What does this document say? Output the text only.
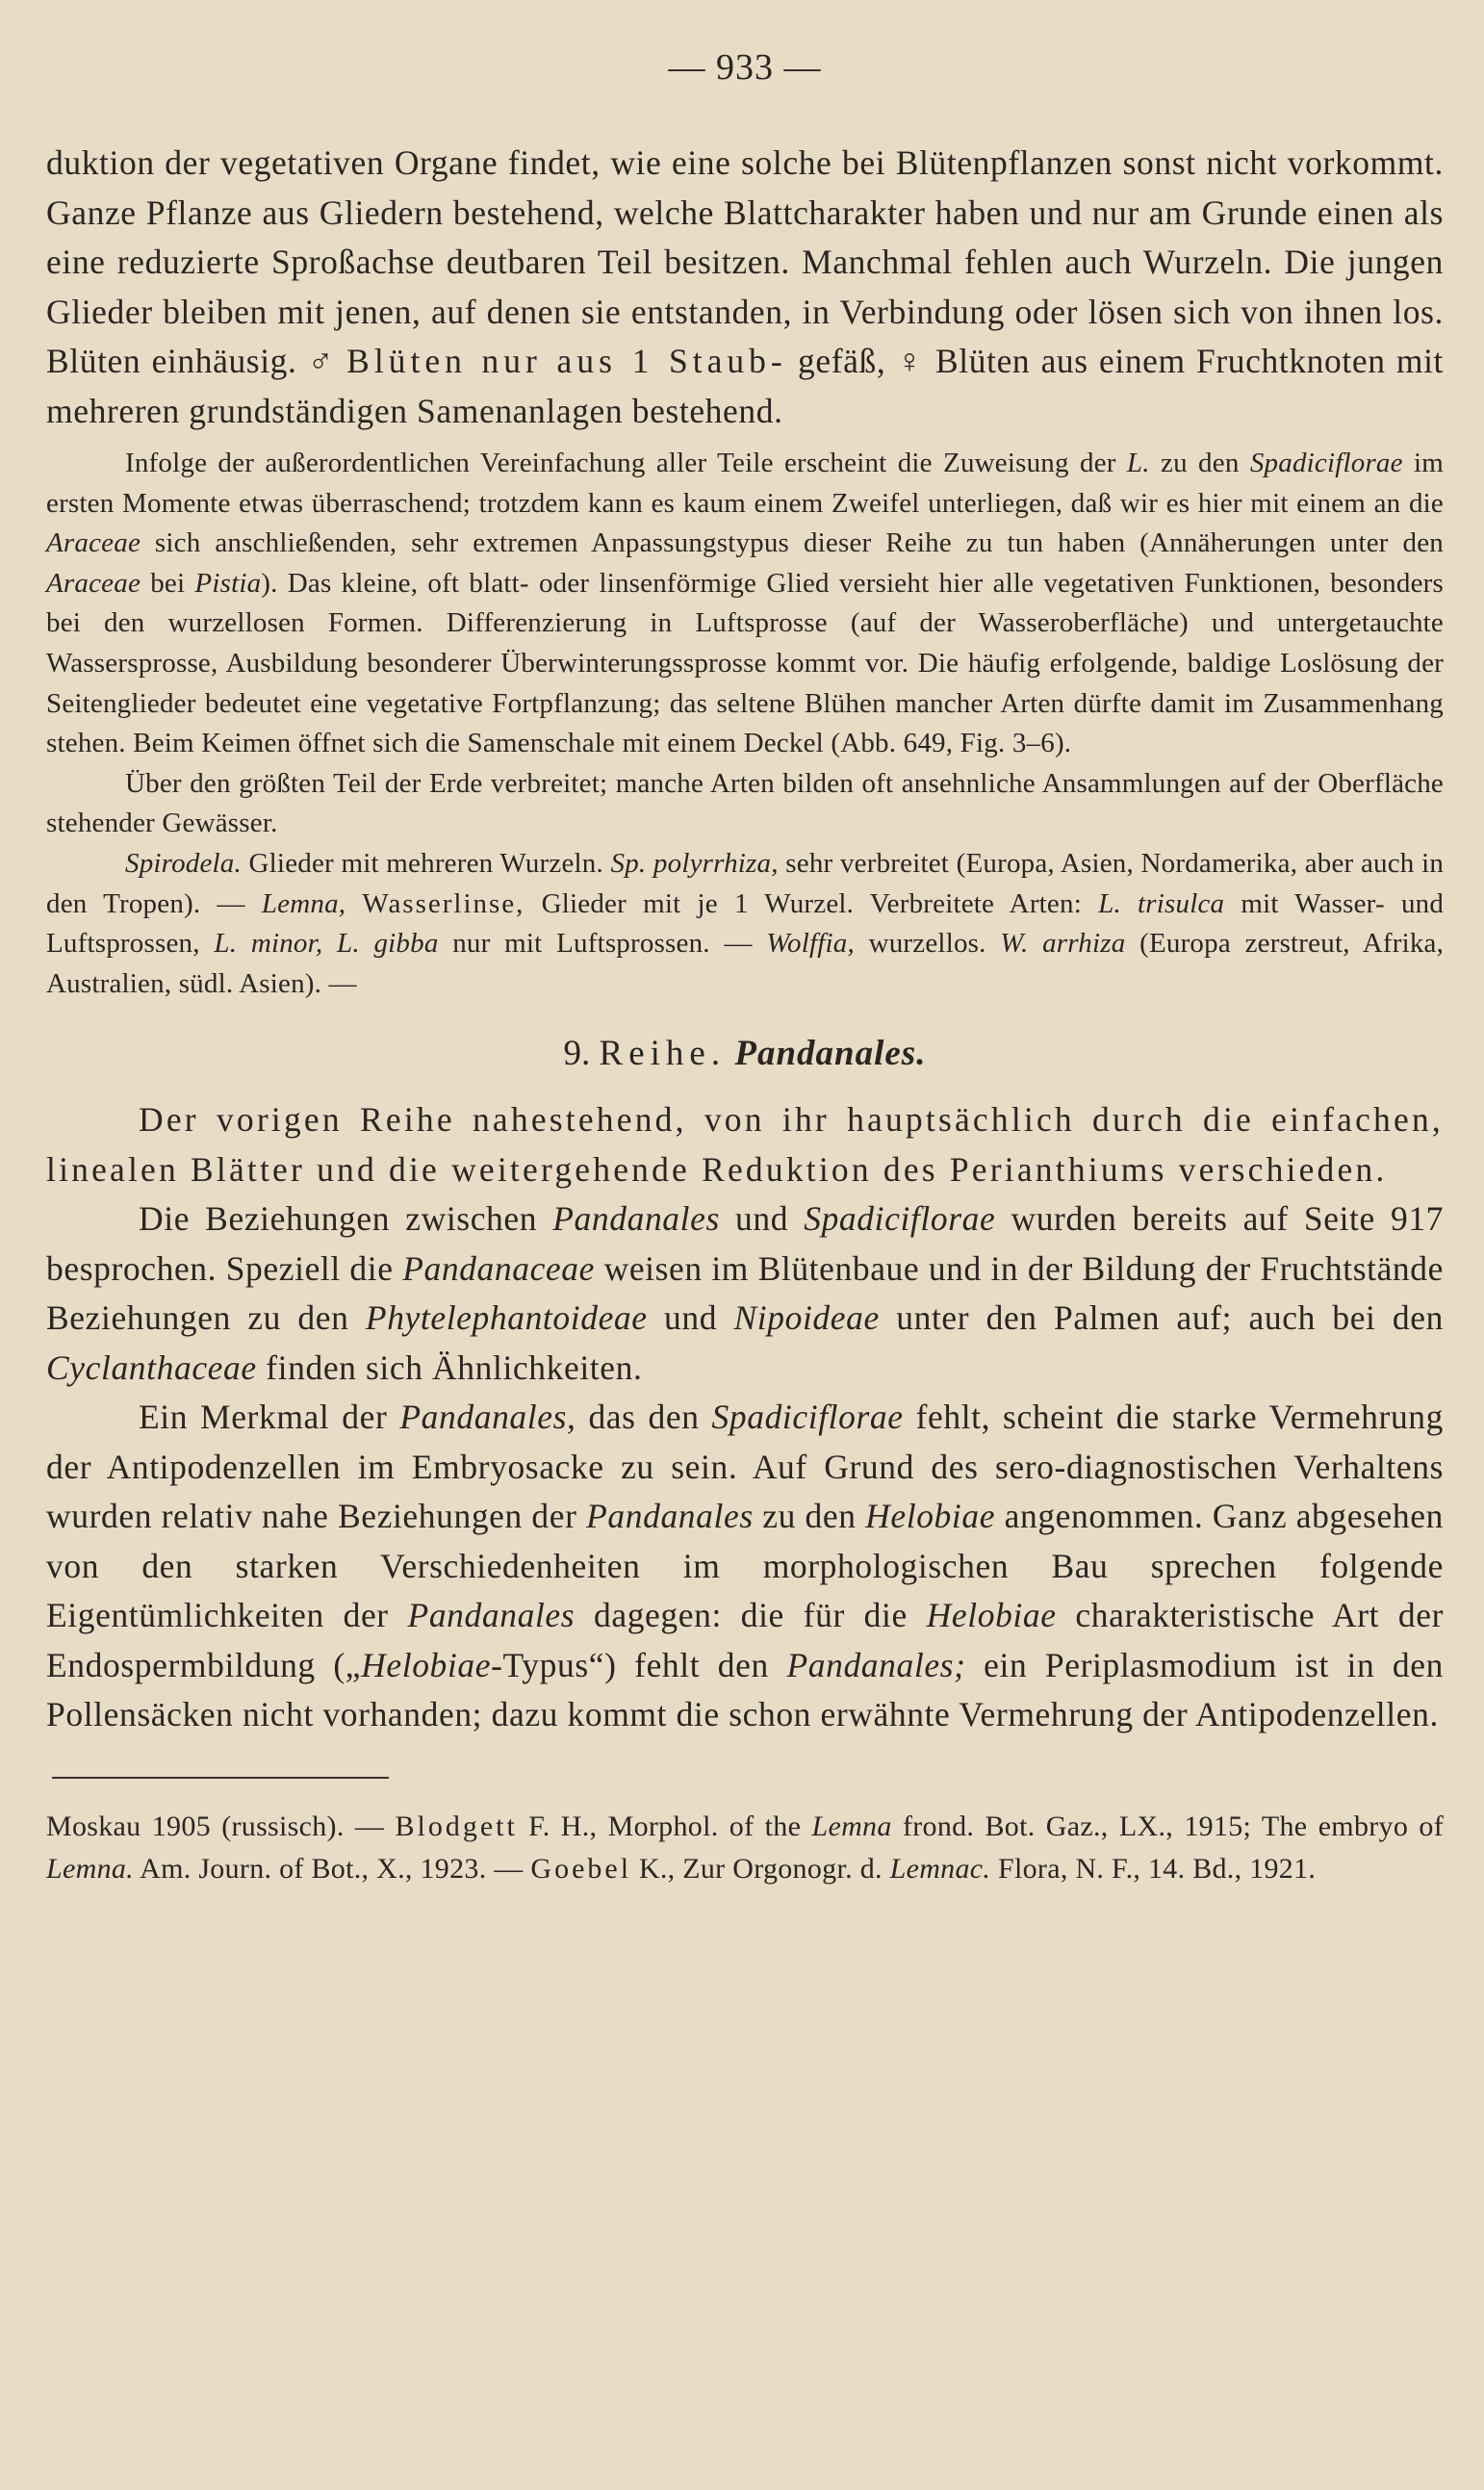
— 933 —

duktion der vegetativen Organe findet, wie eine solche bei Blütenpflanzen sonst nicht vorkommt. Ganze Pflanze aus Gliedern bestehend, welche Blattcharakter haben und nur am Grunde einen als eine reduzierte Sproßachse deutbaren Teil besitzen. Manchmal fehlen auch Wurzeln. Die jungen Glieder bleiben mit jenen, auf denen sie entstanden, in Verbindung oder lösen sich von ihnen los. Blüten einhäusig. ♂ Blüten nur aus 1 Staub- gefäß, ♀ Blüten aus einem Fruchtknoten mit mehreren grundständigen Samenanlagen bestehend.

Infolge der außerordentlichen Vereinfachung aller Teile erscheint die Zuweisung der L. zu den Spadiciflorae im ersten Momente etwas überraschend; trotzdem kann es kaum einem Zweifel unterliegen, daß wir es hier mit einem an die Araceae sich anschließenden, sehr extremen Anpassungstypus dieser Reihe zu tun haben (Annäherungen unter den Araceae bei Pistia). Das kleine, oft blatt- oder linsenförmige Glied versieht hier alle vegetativen Funktionen, besonders bei den wurzellosen Formen. Differenzierung in Luftsprosse (auf der Wasseroberfläche) und untergetauchte Wassersprosse, Ausbildung besonderer Überwinterungssprosse kommt vor. Die häufig erfolgende, baldige Loslösung der Seitenglieder bedeutet eine vegetative Fortpflanzung; das seltene Blühen mancher Arten dürfte damit im Zusammenhang stehen. Beim Keimen öffnet sich die Samenschale mit einem Deckel (Abb. 649, Fig. 3–6).

Über den größten Teil der Erde verbreitet; manche Arten bilden oft ansehnliche Ansammlungen auf der Oberfläche stehender Gewässer.

Spirodela. Glieder mit mehreren Wurzeln. Sp. polyrrhiza, sehr verbreitet (Europa, Asien, Nordamerika, aber auch in den Tropen). — Lemna, Wasserlinse, Glieder mit je 1 Wurzel. Verbreitete Arten: L. trisulca mit Wasser- und Luftsprossen, L. minor, L. gibba nur mit Luftsprossen. — Wolffia, wurzellos. W. arrhiza (Europa zerstreut, Afrika, Australien, südl. Asien). —

9. Reihe. Pandanales.

Der vorigen Reihe nahestehend, von ihr hauptsächlich durch die einfachen, linealen Blätter und die weitergehende Reduktion des Perianthiums verschieden.

Die Beziehungen zwischen Pandanales und Spadiciflorae wurden bereits auf Seite 917 besprochen. Speziell die Pandanaceae weisen im Blütenbaue und in der Bildung der Fruchtstände Beziehungen zu den Phytelephantoideae und Nipoideae unter den Palmen auf; auch bei den Cyclanthaceae finden sich Ähnlichkeiten.

Ein Merkmal der Pandanales, das den Spadiciflorae fehlt, scheint die starke Vermehrung der Antipodenzellen im Embryosacke zu sein. Auf Grund des sero-diagnostischen Verhaltens wurden relativ nahe Beziehungen der Pandanales zu den Helobiae angenommen. Ganz abgesehen von den starken Verschiedenheiten im morphologischen Bau sprechen folgende Eigentümlichkeiten der Pandanales dagegen: die für die Helobiae charakteristische Art der Endospermbildung („Helobiae-Typus“) fehlt den Pandanales; ein Periplasmodium ist in den Pollensäcken nicht vorhanden; dazu kommt die schon erwähnte Vermehrung der Antipodenzellen.

Moskau 1905 (russisch). — Blodgett F. H., Morphol. of the Lemna frond. Bot. Gaz., LX., 1915; The embryo of Lemna. Am. Journ. of Bot., X., 1923. — Goebel K., Zur Orgonogr. d. Lemnac. Flora, N. F., 14. Bd., 1921.
